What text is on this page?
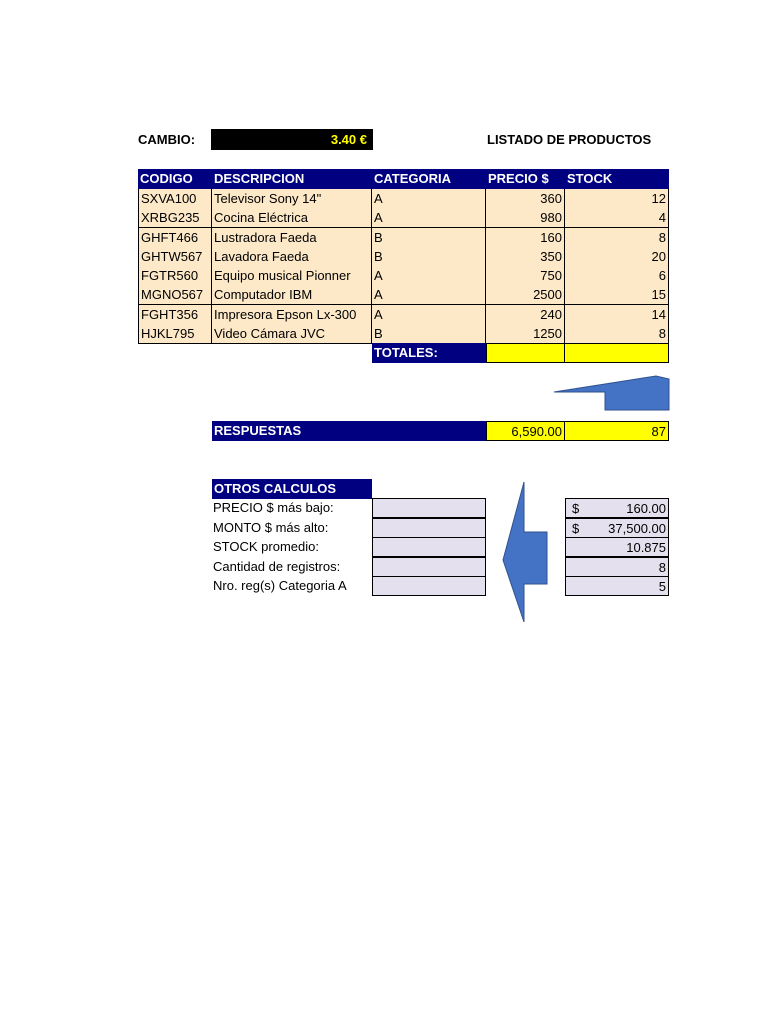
CAMBIO:	3.40 €	LISTADO DE PRODUCTOS
CODIGO	DESCRIPCION	CATEGORIA	PRECIO $	STOCK
SXVA100	Televisor Sony 14"	A	360	12
XRBG235	Cocina Eléctrica	A	980	4
GHFT466	Lustradora Faeda	B	160	8
GHTW567 Lavadora Faeda	B	350	20
FGTR560	Equipo musical Pionner	A	750	6
MGNO567 Computador IBM	A	2500	15
FGHT356	Impresora Epson Lx-300	A	240	14
HJKL795	Video Cámara JVC	B	1250	8
TOTALES:
RESPUESTAS	6,590.00	87
OTROS CALCULOS
PRECIO $ más bajo:	$	160.00
MONTO $ más alto:	$ 37,500.00
STOCK promedio:	10.875
Cantidad de registros:	8
Nro. reg(s) Categoria A	5
